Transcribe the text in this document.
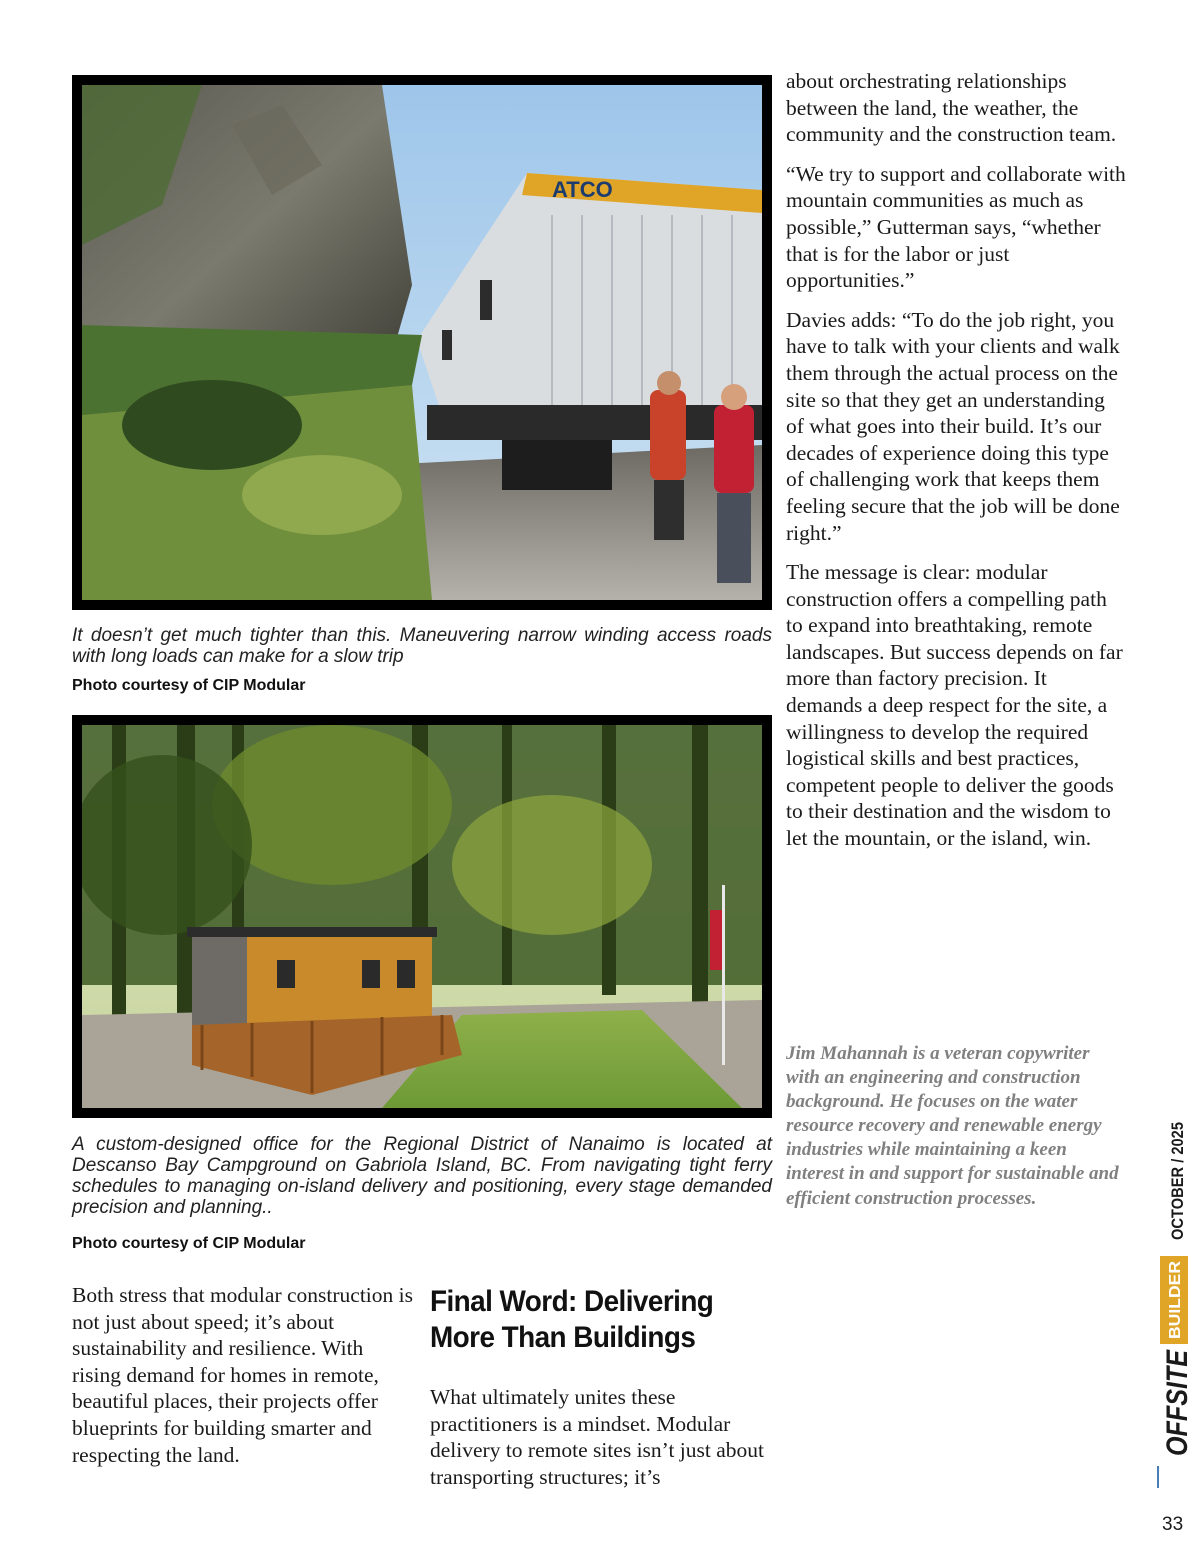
ATCO
It doesn’t get much tighter than this. Maneuvering narrow winding access roads with long loads can make for a slow trip
Photo courtesy of CIP Modular
A custom-designed office for the Regional District of Nanaimo is located at Descanso Bay Campground on Gabriola Island, BC. From navigating tight ferry schedules to managing on-island delivery and positioning, every stage demanded precision and planning..
Photo courtesy of CIP Modular

about orchestrating relationships between the land, the weather, the community and the construction team.

“We try to support and collaborate with mountain communities as much as possible,” Gutterman says, “whether that is for the labor or just opportunities.”

Davies adds: “To do the job right, you have to talk with your clients and walk them through the actual process on the site so that they get an understanding of what goes into their build. It’s our decades of experience doing this type of challenging work that keeps them feeling secure that the job will be done right.”

The message is clear: modular construction offers a compelling path to expand into breathtaking, remote landscapes. But success depends on far more than factory precision. It demands a deep respect for the site, a willingness to develop the required logistical skills and best practices, competent people to deliver the goods to their destination and the wisdom to let the mountain, or the island, win.

Jim Mahannah is a veteran copywriter with an engineering and construction background. He focuses on the water resource recovery and renewable energy industries while maintaining a keen interest in and support for sustainable and efficient construction processes.

Both stress that modular construction is not just about speed; it’s about sustainability and resilience. With rising demand for homes in remote, beautiful places, their projects offer blueprints for building smarter and respecting the land.

Final Word: Delivering More Than Buildings

What ultimately unites these practitioners is a mindset. Modular delivery to remote sites isn’t just about transporting structures; it’s

OCTOBER / 2025
BUILDER
OFFSITE
33
